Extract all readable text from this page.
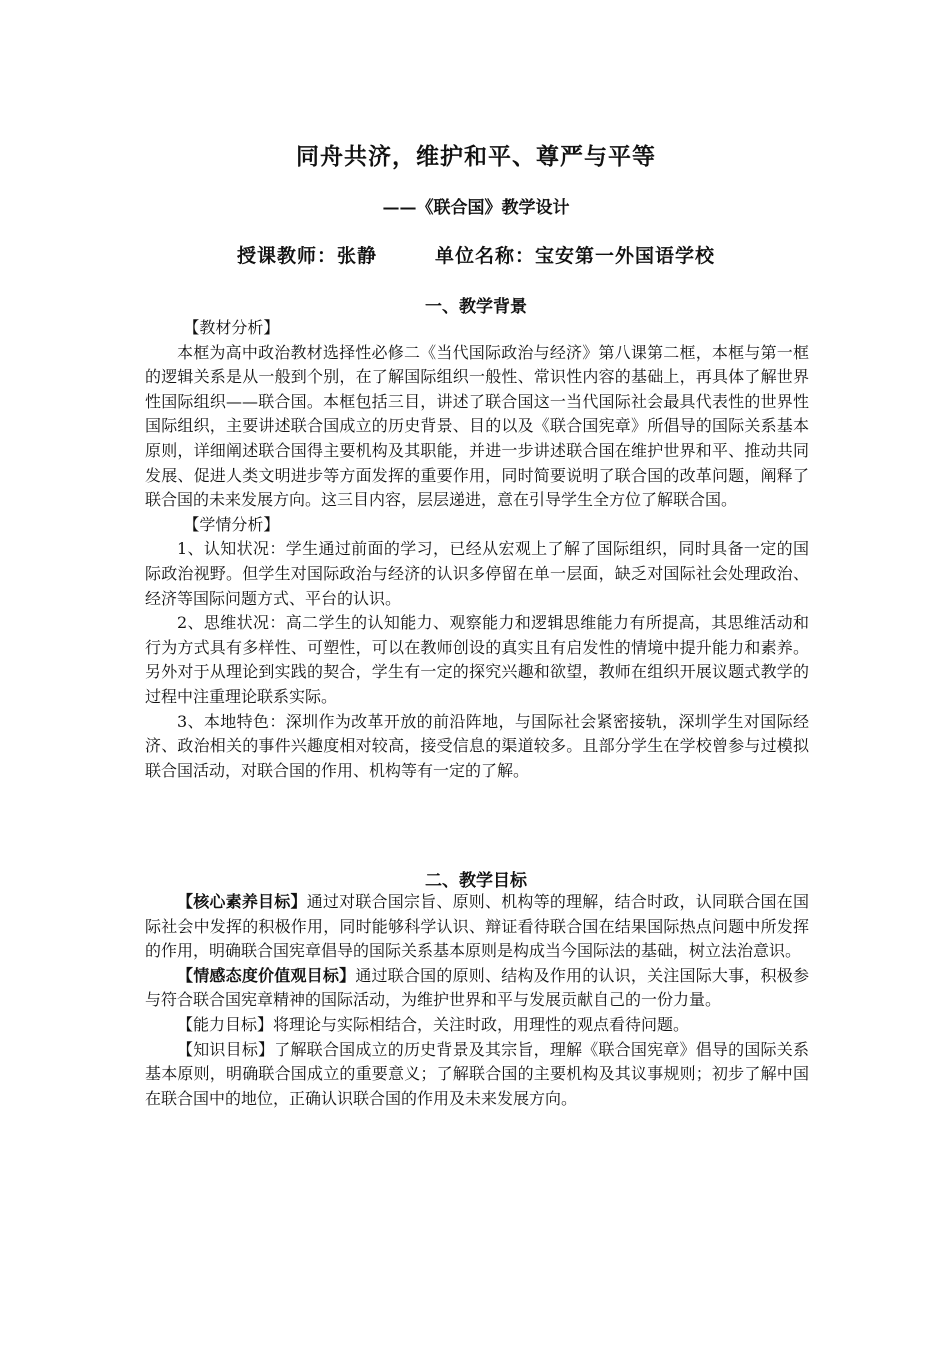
同舟共济，维护和平、尊严与平等
——《联合国》教学设计
授课教师：张静	单位名称：宝安第一外国语学校
一、教学背景

【教材分析】

本框为高中政治教材选择性必修二《当代国际政治与经济》第八课第二框，本框与第一框的逻辑关系是从一般到个别，在了解国际组织一般性、常识性内容的基础上，再具体了解世界性国际组织——联合国。本框包括三目，讲述了联合国这一当代国际社会最具代表性的世界性国际组织，主要讲述联合国成立的历史背景、目的以及《联合国宪章》所倡导的国际关系基本原则，详细阐述联合国得主要机构及其职能，并进一步讲述联合国在维护世界和平、推动共同发展、促进人类文明进步等方面发挥的重要作用，同时简要说明了联合国的改革问题，阐释了联合国的未来发展方向。这三目内容，层层递进，意在引导学生全方位了解联合国。

【学情分析】

1、认知状况：学生通过前面的学习，已经从宏观上了解了国际组织，同时具备一定的国际政治视野。但学生对国际政治与经济的认识多停留在单一层面，缺乏对国际社会处理政治、经济等国际问题方式、平台的认识。

2、思维状况：高二学生的认知能力、观察能力和逻辑思维能力有所提高，其思维活动和行为方式具有多样性、可塑性，可以在教师创设的真实且有启发性的情境中提升能力和素养。另外对于从理论到实践的契合，学生有一定的探究兴趣和欲望，教师在组织开展议题式教学的过程中注重理论联系实际。

3、本地特色：深圳作为改革开放的前沿阵地，与国际社会紧密接轨，深圳学生对国际经济、政治相关的事件兴趣度相对较高，接受信息的渠道较多。且部分学生在学校曾参与过模拟联合国活动，对联合国的作用、机构等有一定的了解。

二、教学目标

【核心素养目标】通过对联合国宗旨、原则、机构等的理解，结合时政，认同联合国在国际社会中发挥的积极作用，同时能够科学认识、辩证看待联合国在结果国际热点问题中所发挥的作用，明确联合国宪章倡导的国际关系基本原则是构成当今国际法的基础，树立法治意识。

【情感态度价值观目标】通过联合国的原则、结构及作用的认识，关注国际大事，积极参与符合联合国宪章精神的国际活动，为维护世界和平与发展贡献自己的一份力量。

【能力目标】将理论与实际相结合，关注时政，用理性的观点看待问题。

【知识目标】了解联合国成立的历史背景及其宗旨，理解《联合国宪章》倡导的国际关系基本原则，明确联合国成立的重要意义；了解联合国的主要机构及其议事规则；初步了解中国在联合国中的地位，正确认识联合国的作用及未来发展方向。
